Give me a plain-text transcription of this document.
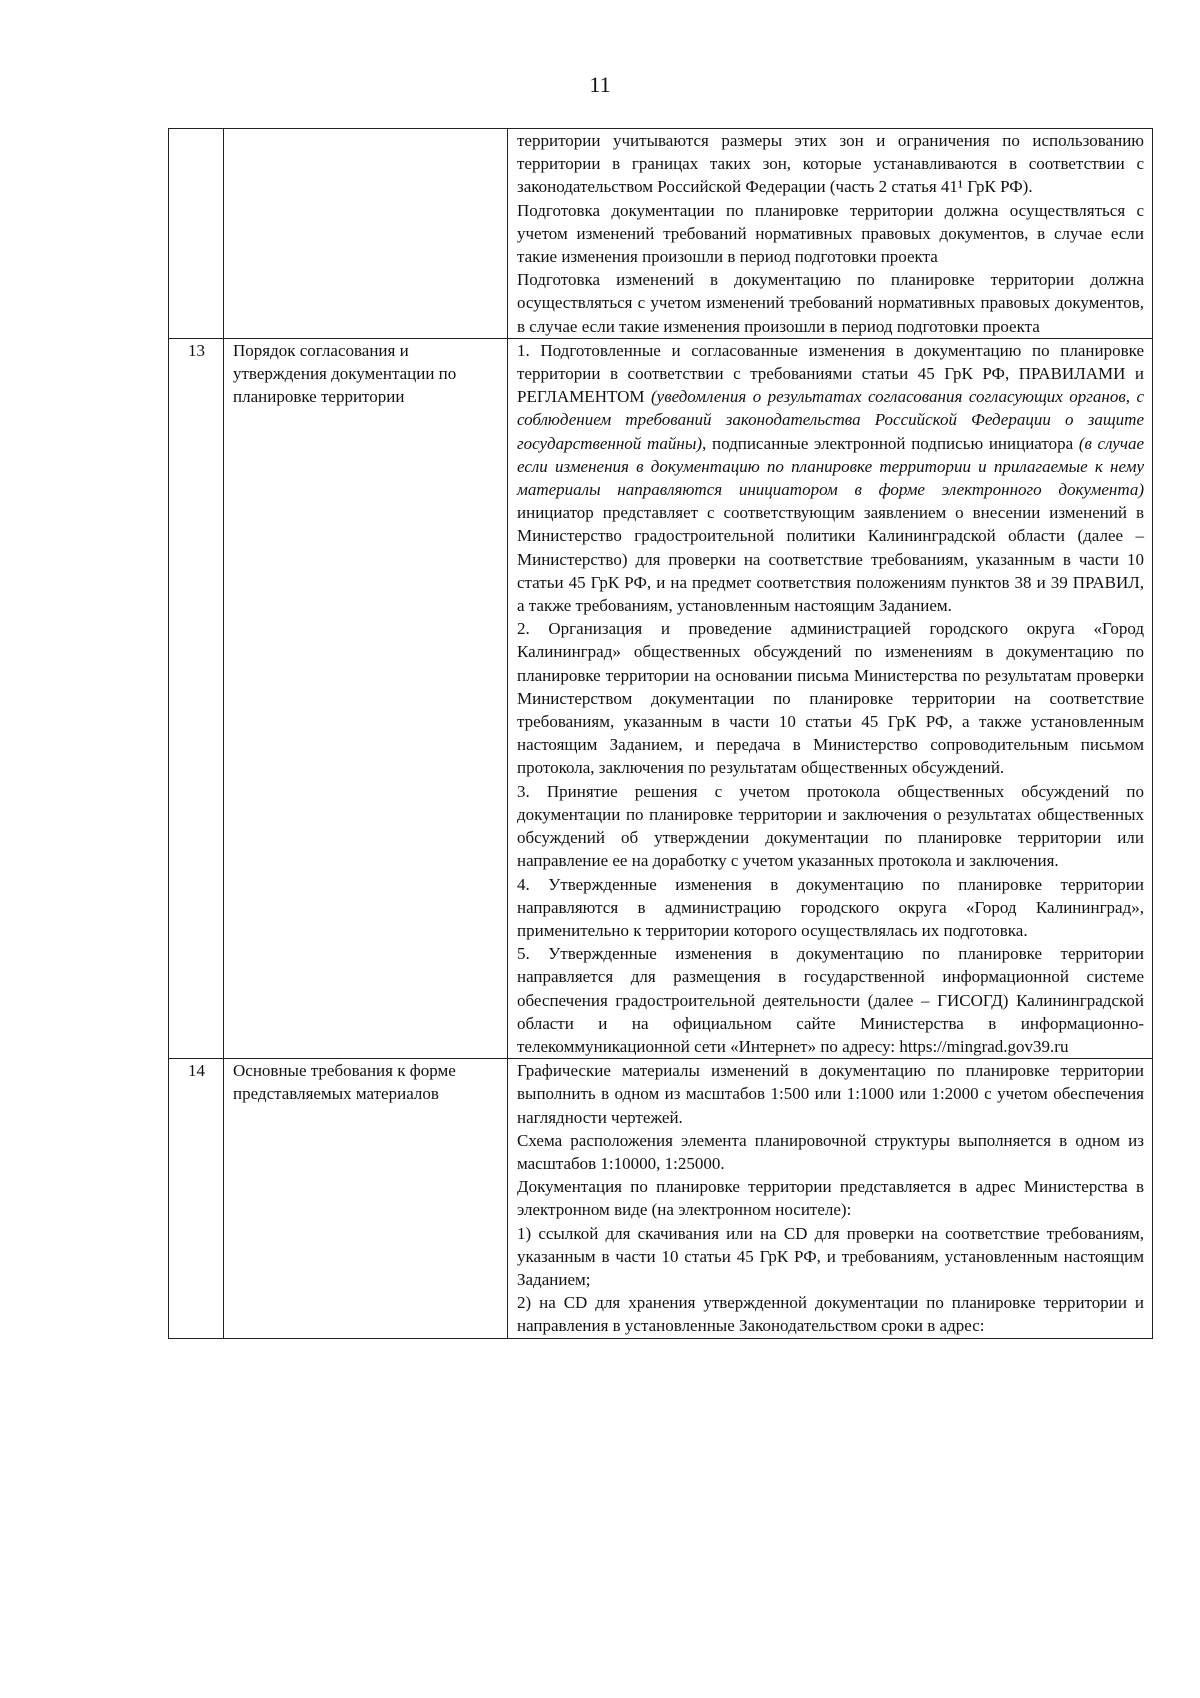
11

		территории учитываются размеры этих зон и ограничения по использованию территории в границах таких зон, которые устанавливаются в соответствии с законодательством Российской Федерации (часть 2 статья 41¹ ГрК РФ).

Подготовка документации по планировке территории должна осуществляться с учетом изменений требований нормативных правовых документов, в случае если такие изменения произошли в период подготовки проекта

Подготовка изменений в документацию по планировке территории должна осуществляться с учетом изменений требований нормативных правовых документов, в случае если такие изменения произошли в период подготовки проекта

13	Порядок согласования и утверждения документации по планировке территории	1. Подготовленные и согласованные изменения в документацию по планировке территории в соответствии с требованиями статьи 45 ГрК РФ, ПРАВИЛАМИ и РЕГЛАМЕНТОМ (уведомления о результатах согласования согласующих органов, с соблюдением требований законодательства Российской Федерации о защите государственной тайны), подписанные электронной подписью инициатора (в случае если изменения в документацию по планировке территории и прилагаемые к нему материалы направляются инициатором в форме электронного документа) инициатор представляет с соответствующим заявлением о внесении изменений в Министерство градостроительной политики Калининградской области (далее – Министерство) для проверки на соответствие требованиям, указанным в части 10 статьи 45 ГрК РФ, и на предмет соответствия положениям пунктов 38 и 39 ПРАВИЛ, а также требованиям, установленным настоящим Заданием.

2. Организация и проведение администрацией городского округа «Город Калининград» общественных обсуждений по изменениям в документацию по планировке территории на основании письма Министерства по результатам проверки Министерством документации по планировке территории на соответствие требованиям, указанным в части 10 статьи 45 ГрК РФ, а также установленным настоящим Заданием, и передача в Министерство сопроводительным письмом протокола, заключения по результатам общественных обсуждений.

3. Принятие решения с учетом протокола общественных обсуждений по документации по планировке территории и заключения о результатах общественных обсуждений об утверждении документации по планировке территории или направление ее на доработку с учетом указанных протокола и заключения.

4. Утвержденные изменения в документацию по планировке территории направляются в администрацию городского округа «Город Калининград», применительно к территории которого осуществлялась их подготовка.

5. Утвержденные изменения в документацию по планировке территории направляется для размещения в государственной информационной системе обеспечения градостроительной деятельности (далее – ГИСОГД) Калининградской области и на официальном сайте Министерства в информационно-телекоммуникационной сети «Интернет» по адресу: https://mingrad.gov39.ru

14	Основные требования к форме представляемых материалов	Графические материалы изменений в документацию по планировке территории выполнить в одном из масштабов 1:500 или 1:1000 или 1:2000 с учетом обеспечения наглядности чертежей.

Схема расположения элемента планировочной структуры выполняется в одном из масштабов 1:10000, 1:25000.

Документация по планировке территории представляется в адрес Министерства в электронном виде (на электронном носителе):

1) ссылкой для скачивания или на CD для проверки на соответствие требованиям, указанным в части 10 статьи 45 ГрК РФ, и требованиям, установленным настоящим Заданием;

2) на CD для хранения утвержденной документации по планировке территории и направления в установленные Законодательством сроки в адрес:
